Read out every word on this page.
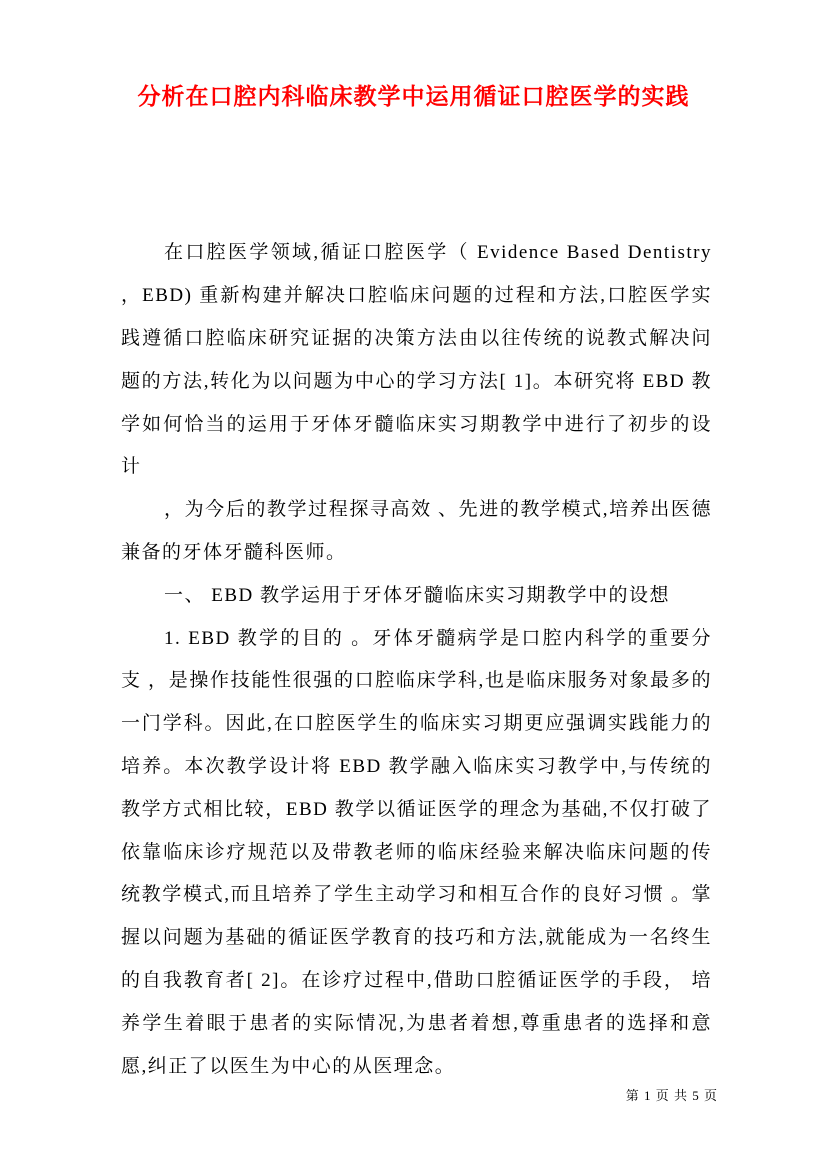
分析在口腔内科临床教学中运用循证口腔医学的实践

在口腔医学领域,循证口腔医学（ Evidence Based Dentistry ，EBD) 重新构建并解决口腔临床问题的过程和方法,口腔医学实践遵循口腔临床研究证据的决策方法由以往传统的说教式解决问题的方法,转化为以问题为中心的学习方法[ 1]。本研究将 EBD 教学如何恰当的运用于牙体牙髓临床实习期教学中进行了初步的设计

，为今后的教学过程探寻高效 、先进的教学模式,培养出医德兼备的牙体牙髓科医师。

一、 EBD 教学运用于牙体牙髓临床实习期教学中的设想

1. EBD 教学的目的 。牙体牙髓病学是口腔内科学的重要分支 ，是操作技能性很强的口腔临床学科,也是临床服务对象最多的一门学科。因此,在口腔医学生的临床实习期更应强调实践能力的培养。本次教学设计将 EBD 教学融入临床实习教学中,与传统的教学方式相比较，EBD 教学以循证医学的理念为基础,不仅打破了依靠临床诊疗规范以及带教老师的临床经验来解决临床问题的传统教学模式,而且培养了学生主动学习和相互合作的良好习惯 。掌握以问题为基础的循证医学教育的技巧和方法,就能成为一名终生的自我教育者[ 2]。在诊疗过程中,借助口腔循证医学的手段， 培养学生着眼于患者的实际情况,为患者着想,尊重患者的选择和意愿,纠正了以医生为中心的从医理念。

第 1 页 共 5 页
